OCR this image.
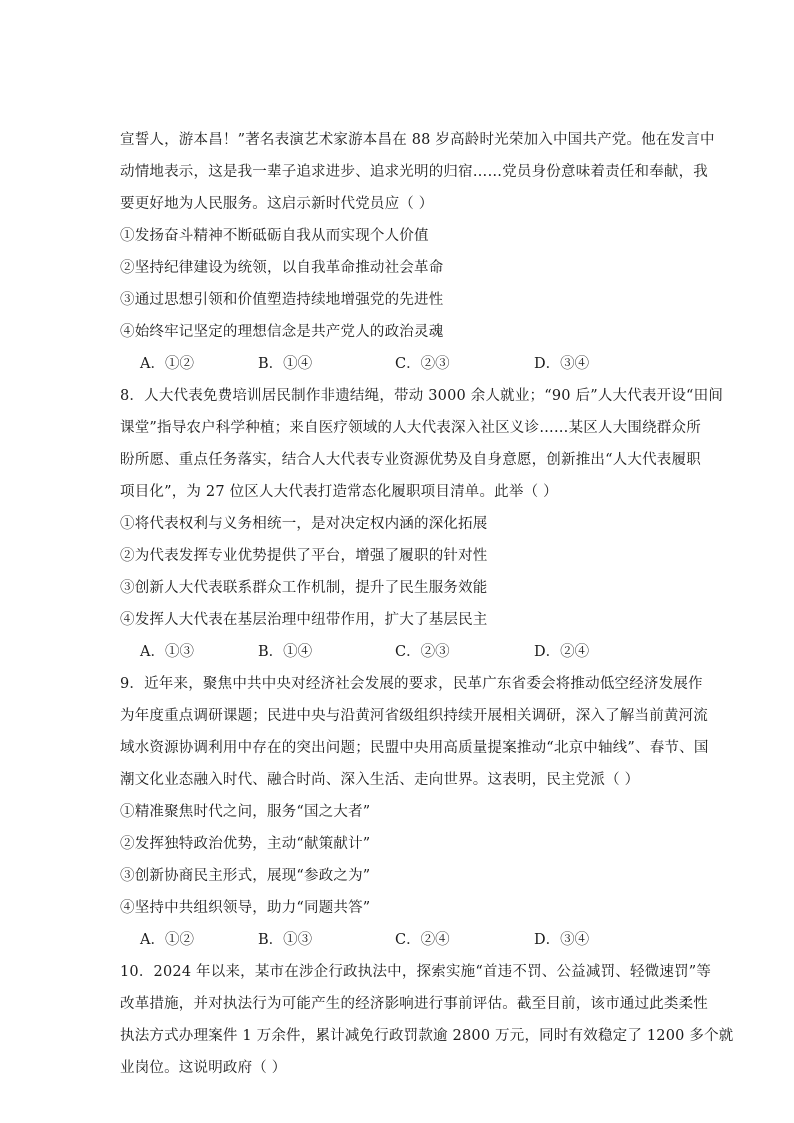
宣誓人，游本昌！”著名表演艺术家游本昌在 88 岁高龄时光荣加入中国共产党。他在发言中
动情地表示，这是我一辈子追求进步、追求光明的归宿……党员身份意味着责任和奉献，我
要更好地为人民服务。这启示新时代党员应（ ）
①发扬奋斗精神不断砥砺自我从而实现个人价值
②坚持纪律建设为统领，以自我革命推动社会革命
③通过思想引领和价值塑造持续地增强党的先进性
④始终牢记坚定的理想信念是共产党人的政治灵魂
A．①②	B．①④	C．②③	D．③④
8．人大代表免费培训居民制作非遗结绳，带动 3000 余人就业；“90 后”人大代表开设“田间
课堂”指导农户科学种植；来自医疗领域的人大代表深入社区义诊……某区人大围绕群众所
盼所愿、重点任务落实，结合人大代表专业资源优势及自身意愿，创新推出“人大代表履职
项目化”，为 27 位区人大代表打造常态化履职项目清单。此举（ ）
①将代表权利与义务相统一，是对决定权内涵的深化拓展
②为代表发挥专业优势提供了平台，增强了履职的针对性
③创新人大代表联系群众工作机制，提升了民生服务效能
④发挥人大代表在基层治理中纽带作用，扩大了基层民主
A．①③	B．①④	C．②③	D．②④
9．近年来，聚焦中共中央对经济社会发展的要求，民革广东省委会将推动低空经济发展作
为年度重点调研课题；民进中央与沿黄河省级组织持续开展相关调研，深入了解当前黄河流
域水资源协调利用中存在的突出问题；民盟中央用高质量提案推动“北京中轴线”、春节、国
潮文化业态融入时代、融合时尚、深入生活、走向世界。这表明，民主党派（ ）
①精准聚焦时代之问，服务“国之大者”
②发挥独特政治优势，主动“献策献计”
③创新协商民主形式，展现“参政之为”
④坚持中共组织领导，助力“同题共答”
A．①②	B．①③	C．②④	D．③④
10．2024 年以来，某市在涉企行政执法中，探索实施“首违不罚、公益减罚、轻微速罚”等
改革措施，并对执法行为可能产生的经济影响进行事前评估。截至目前，该市通过此类柔性
执法方式办理案件 1 万余件，累计减免行政罚款逾 2800 万元，同时有效稳定了 1200 多个就
业岗位。这说明政府（ ）
